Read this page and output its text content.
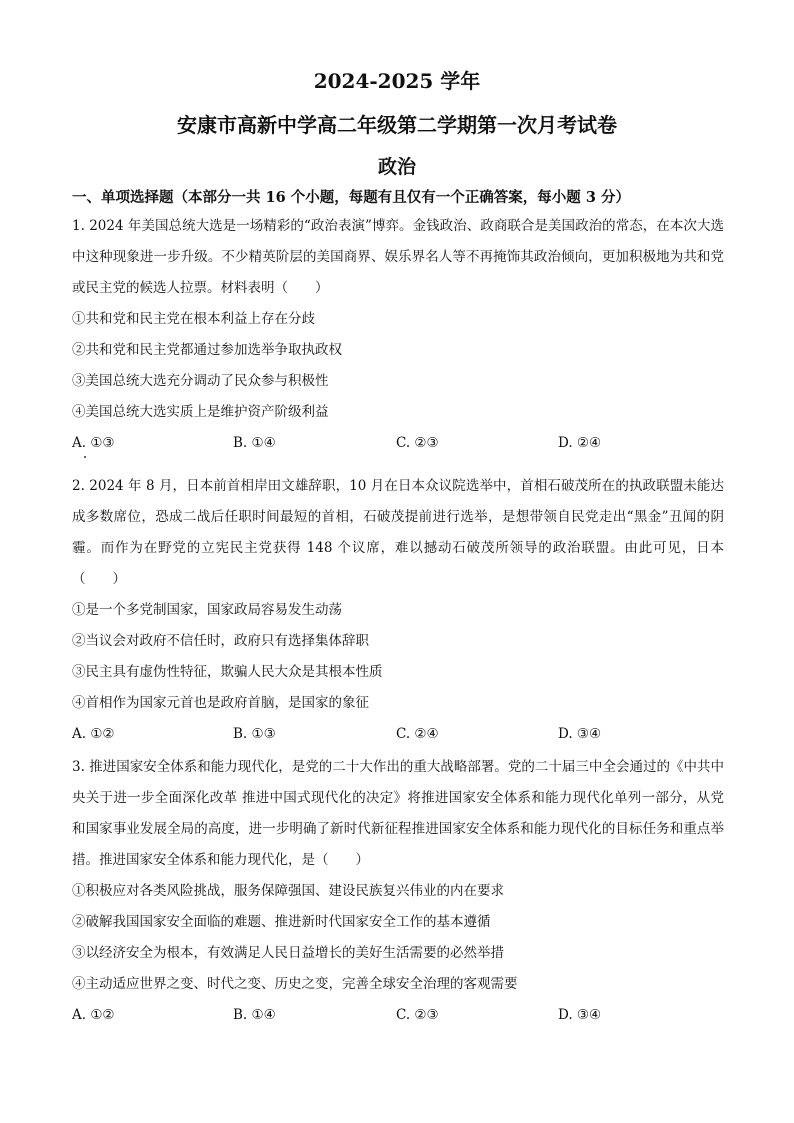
2024-2025 学年
安康市高新中学高二年级第二学期第一次月考试卷
政治
一、单项选择题（本部分一共 16 个小题，每题有且仅有一个正确答案，每小题 3 分）

1. 2024 年美国总统大选是一场精彩的“政治表演”博弈。金钱政治、政商联合是美国政治的常态，在本次大选中这种现象进一步升级。不少精英阶层的美国商界、娱乐界名人等不再掩饰其政治倾向，更加积极地为共和党或民主党的候选人拉票。材料表明（　　）

①共和党和民主党在根本利益上存在分歧

②共和党和民主党都通过参加选举争取执政权

③美国总统大选充分调动了民众参与积极性

④美国总统大选实质上是维护资产阶级利益

A. ①③	B. ①④	C. ②③	D. ②④

2. 2024 年 8 月，日本前首相岸田文雄辞职，10 月在日本众议院选举中，首相石破茂所在的执政联盟未能达成多数席位，恐成二战后任职时间最短的首相，石破茂提前进行选举，是想带领自民党走出“黑金”丑闻的阴霾。而作为在野党的立宪民主党获得 148 个议席，难以撼动石破茂所领导的政治联盟。由此可见，日本（　　）

①是一个多党制国家，国家政局容易发生动荡

②当议会对政府不信任时，政府只有选择集体辞职

③民主具有虚伪性特征，欺骗人民大众是其根本性质

④首相作为国家元首也是政府首脑，是国家的象征

A. ①②	B. ①③	C. ②④	D. ③④

3. 推进国家安全体系和能力现代化，是党的二十大作出的重大战略部署。党的二十届三中全会通过的《中共中央关于进一步全面深化改革 推进中国式现代化的决定》将推进国家安全体系和能力现代化单列一部分，从党和国家事业发展全局的高度，进一步明确了新时代新征程推进国家安全体系和能力现代化的目标任务和重点举措。推进国家安全体系和能力现代化，是（　　）

①积极应对各类风险挑战，服务保障强国、建设民族复兴伟业的内在要求

②破解我国国家安全面临的难题、推进新时代国家安全工作的基本遵循

③以经济安全为根本，有效满足人民日益增长的美好生活需要的必然举措

④主动适应世界之变、时代之变、历史之变，完善全球安全治理的客观需要

A. ①②	B. ①④	C. ②③	D. ③④
